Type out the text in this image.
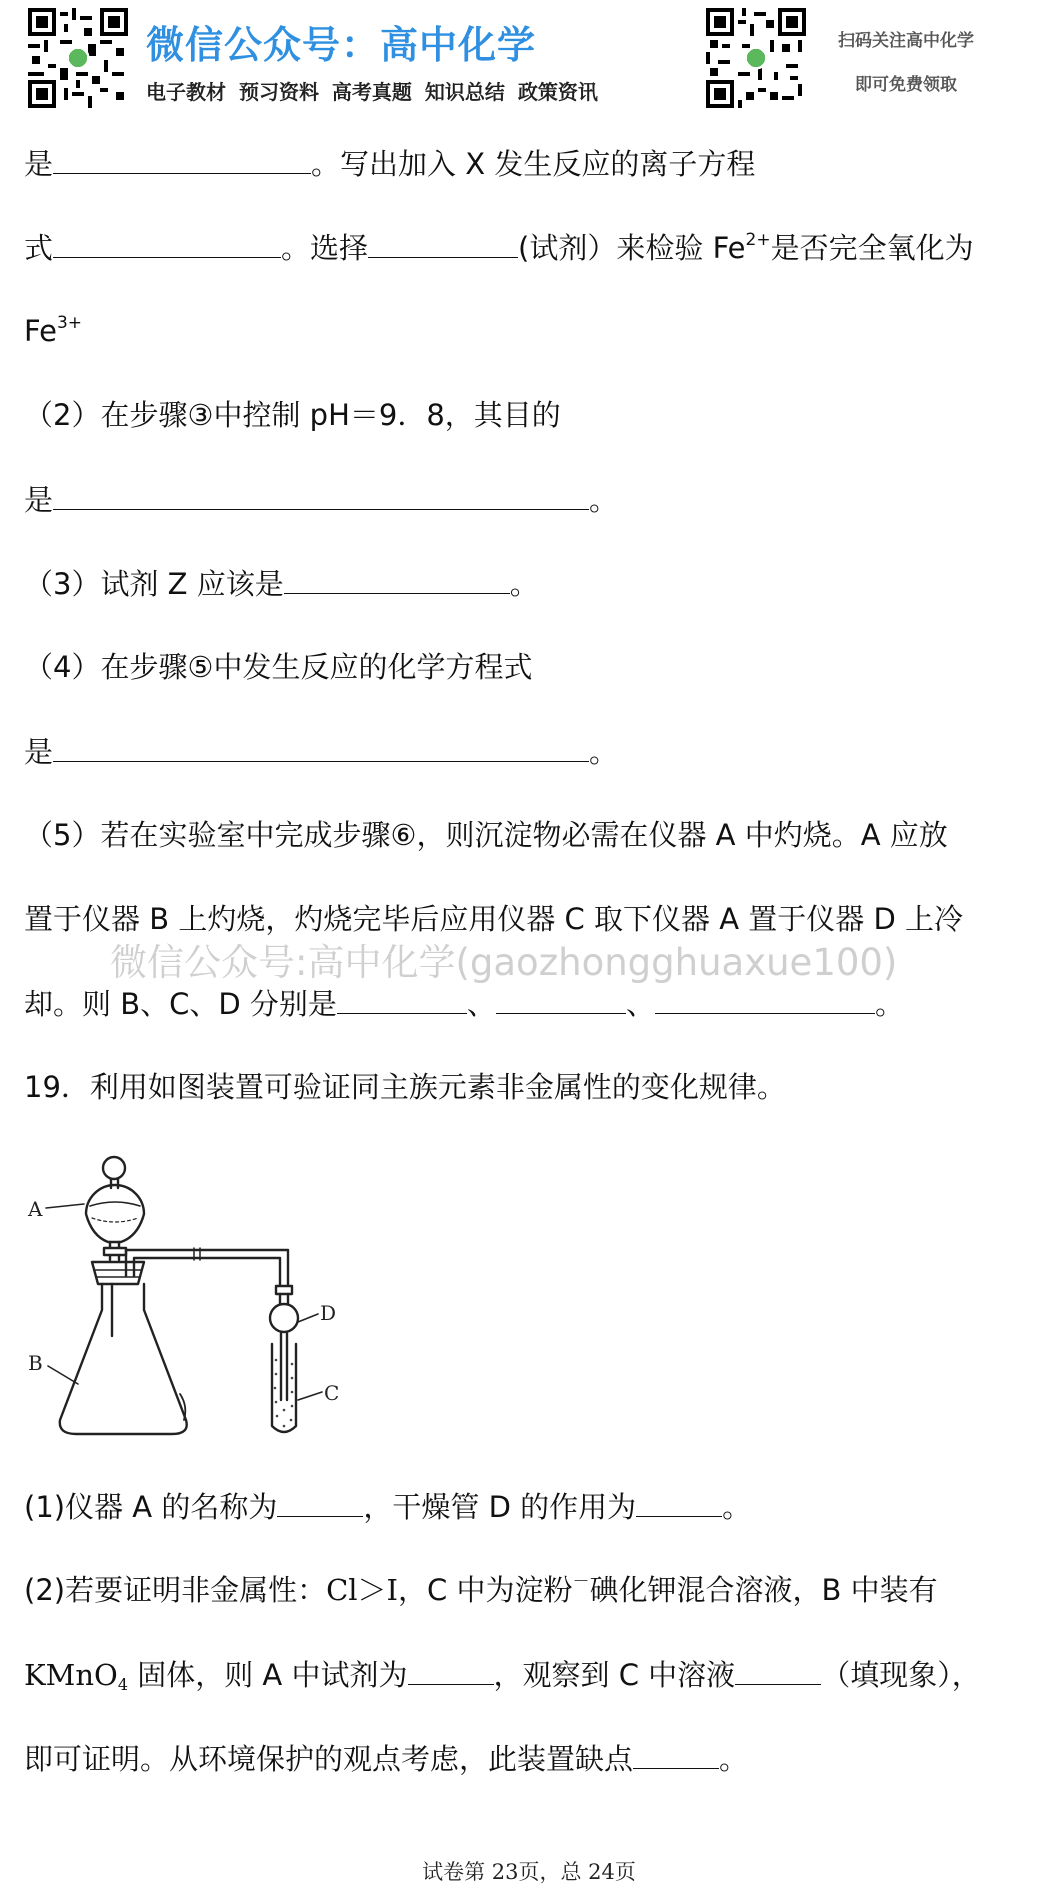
微信公众号：高中化学
电子教材 预习资料 高考真题 知识总结 政策资讯
扫码关注高中化学
即可免费领取
是	。写出加入 X 发生反应的离子方程
式	。选择	(试剂）来检验 $Fe^{2+}$是否完全氧化为
$Fe^{3+}$
（2）在步骤③中控制 pH＝9．8，其目的
是	。
（3）试剂 Z 应该是	。
（4）在步骤⑤中发生反应的化学方程式
是	。
（5）若在实验室中完成步骤⑥，则沉淀物必需在仪器 A 中灼烧。A 应放
置于仪器 B 上灼烧，灼烧完毕后应用仪器 C 取下仪器 A 置于仪器 D 上冷
微信公众号:高中化学(gaozhongghuaxue100)
却。则 B、C、D 分别是	、	、	。
19．利用如图装置可验证同主族元素非金属性的变化规律。
A
B
C
D
(1)仪器 A 的名称为	，干燥管 D 的作用为	。
(2)若要证明非金属性：Cl＞I，C 中为淀粉－碘化钾混合溶液，B 中装有
KMnO4 固体，则 A 中试剂为	，观察到 C 中溶液	（填现象），
即可证明。从环境保护的观点考虑，此装置缺点	。
试卷第 23页，总 24页
